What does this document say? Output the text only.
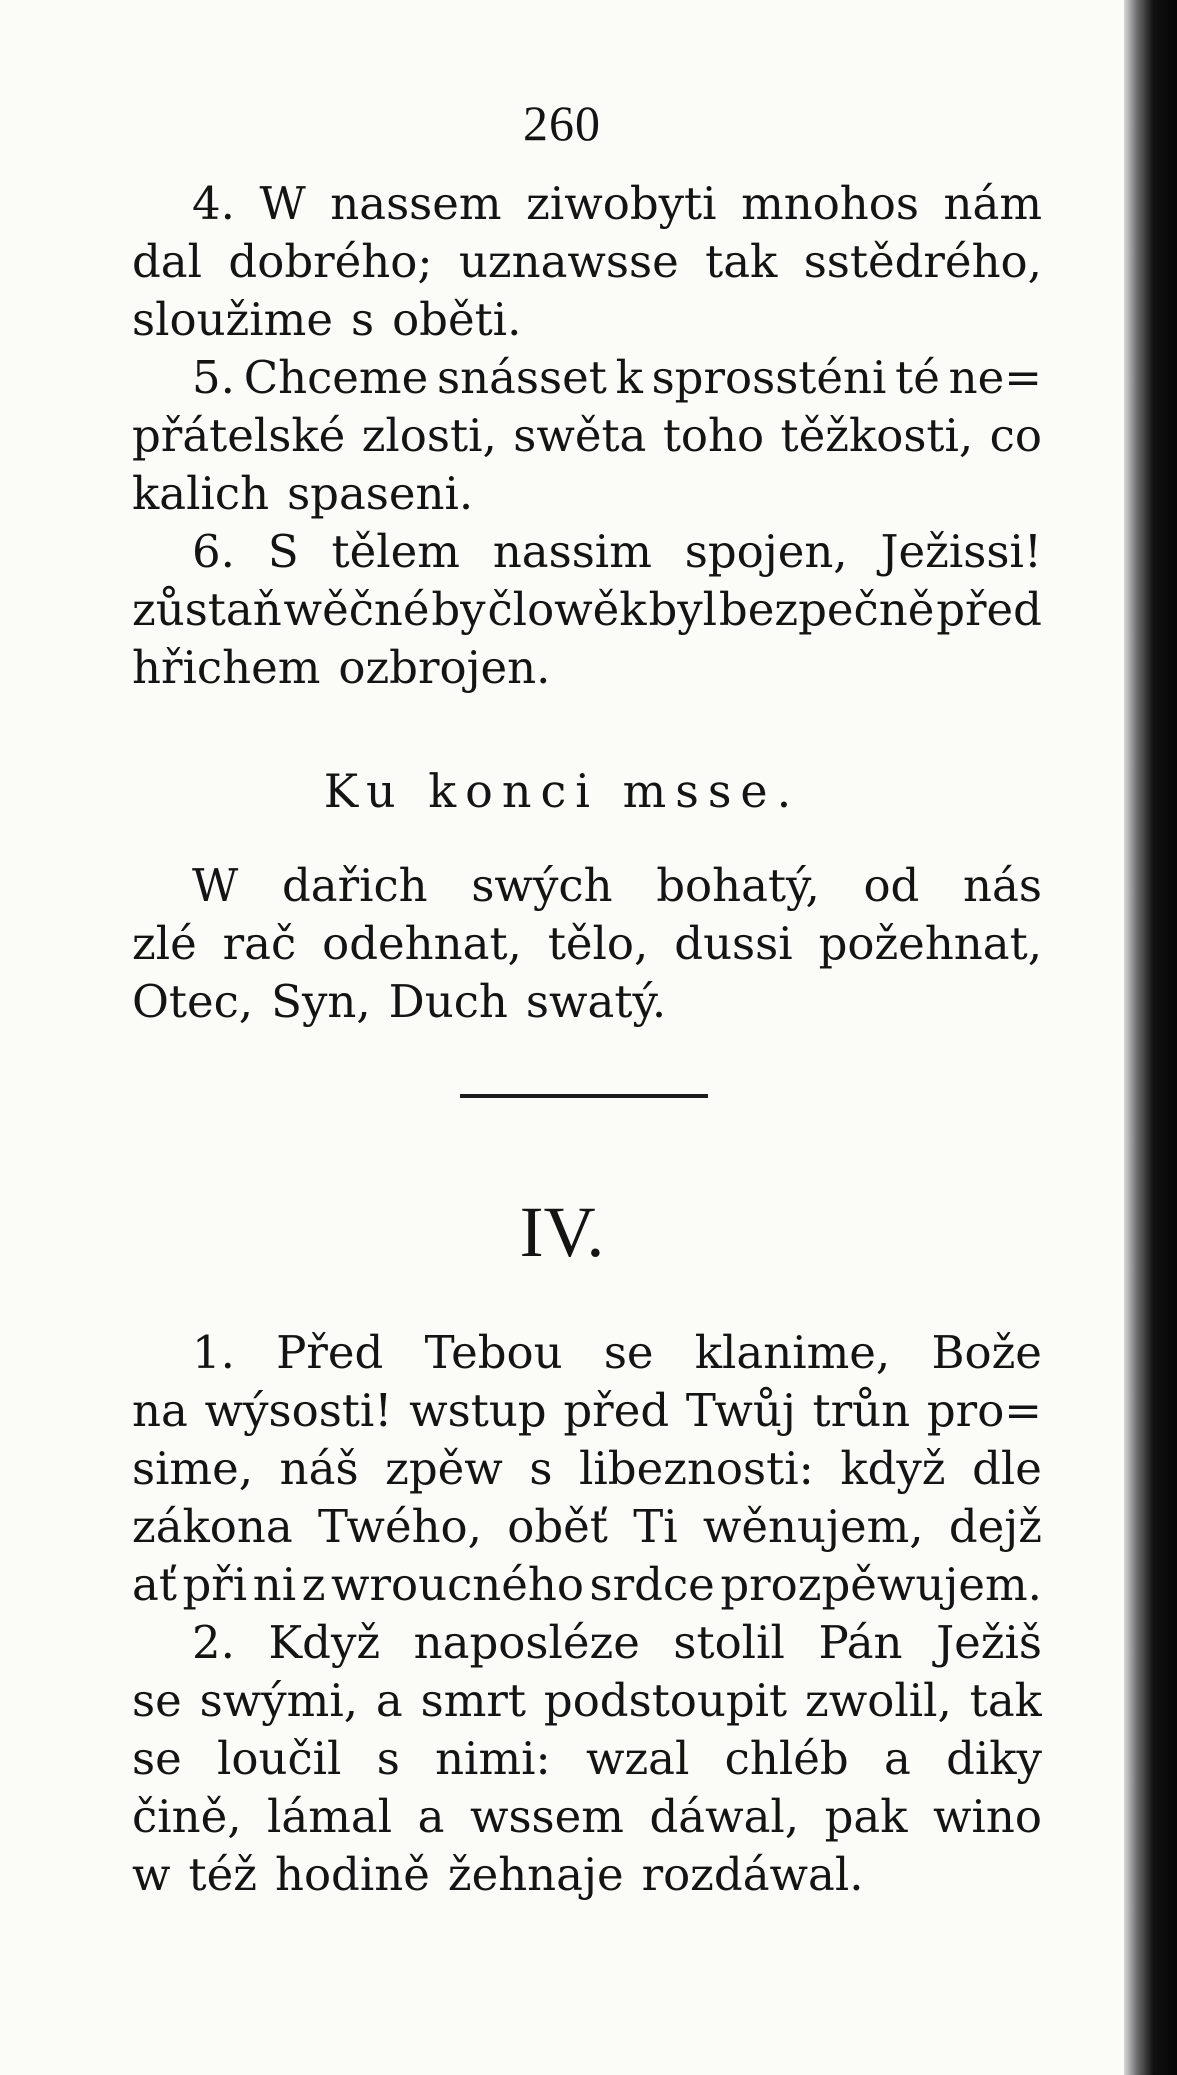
260
4. W nassem ziwobyti mnohos nám
dal dobrého; uznawsse tak sstědrého,
sloužime s oběti.
5. Chceme snásset k sprossténi té ne=
přátelské zlosti, swěta toho těžkosti, co
kalich spaseni.
6. S tělem nassim spojen, Ježissi!
zůstaň wěčné by člowěk byl bezpečně před
hřichem ozbrojen.
Ku konci msse.
W dařich swých bohatý, od nás
zlé rač odehnat, tělo, dussi požehnat,
Otec, Syn, Duch swatý.
IV.
1. Před Tebou se klanime, Bože
na wýsosti! wstup před Twůj trůn pro=
sime, náš zpěw s libeznosti: když dle
zákona Twého, oběť Ti wěnujem, dejž
ať při ni z wroucného srdce prozpěwujem.
2. Když naposléze stolil Pán Ježiš
se swými, a smrt podstoupit zwolil, tak
se loučil s nimi: wzal chléb a diky
čině, lámal a wssem dáwal, pak wino
w též hodině žehnaje rozdáwal.
